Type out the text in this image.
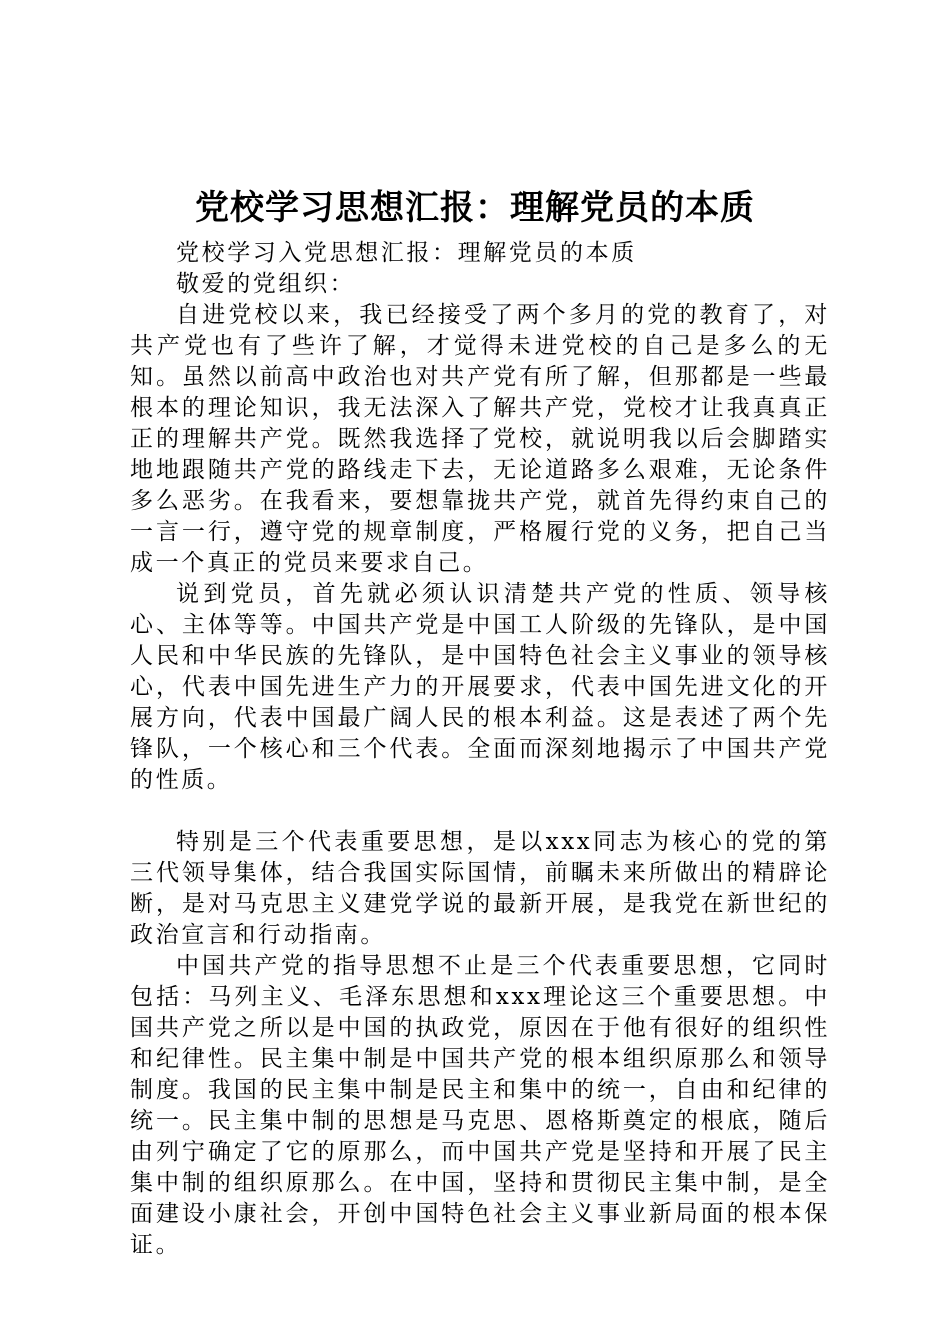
党校学习思想汇报：理解党员的本质

党校学习入党思想汇报：理解党员的本质

敬爱的党组织：

自进党校以来，我已经接受了两个多月的党的教育了，对共产党也有了些许了解，才觉得未进党校的自己是多么的无知。虽然以前高中政治也对共产党有所了解，但那都是一些最根本的理论知识，我无法深入了解共产党，党校才让我真真正正的理解共产党。既然我选择了党校，就说明我以后会脚踏实地地跟随共产党的路线走下去，无论道路多么艰难，无论条件多么恶劣。在我看来，要想靠拢共产党，就首先得约束自己的一言一行，遵守党的规章制度，严格履行党的义务，把自己当成一个真正的党员来要求自己。

说到党员，首先就必须认识清楚共产党的性质、领导核心、主体等等。中国共产党是中国工人阶级的先锋队，是中国人民和中华民族的先锋队，是中国特色社会主义事业的领导核心，代表中国先进生产力的开展要求，代表中国先进文化的开展方向，代表中国最广阔人民的根本利益。这是表述了两个先锋队，一个核心和三个代表。全面而深刻地揭示了中国共产党的性质。

特别是三个代表重要思想，是以xxx同志为核心的党的第三代领导集体，结合我国实际国情，前瞩未来所做出的精辟论断，是对马克思主义建党学说的最新开展，是我党在新世纪的政治宣言和行动指南。

中国共产党的指导思想不止是三个代表重要思想，它同时包括：马列主义、毛泽东思想和xxx理论这三个重要思想。中国共产党之所以是中国的执政党，原因在于他有很好的组织性和纪律性。民主集中制是中国共产党的根本组织原那么和领导制度。我国的民主集中制是民主和集中的统一，自由和纪律的统一。民主集中制的思想是马克思、恩格斯奠定的根底，随后由列宁确定了它的原那么，而中国共产党是坚持和开展了民主集中制的组织原那么。在中国，坚持和贯彻民主集中制，是全面建设小康社会，开创中国特色社会主义事业新局面的根本保证。
